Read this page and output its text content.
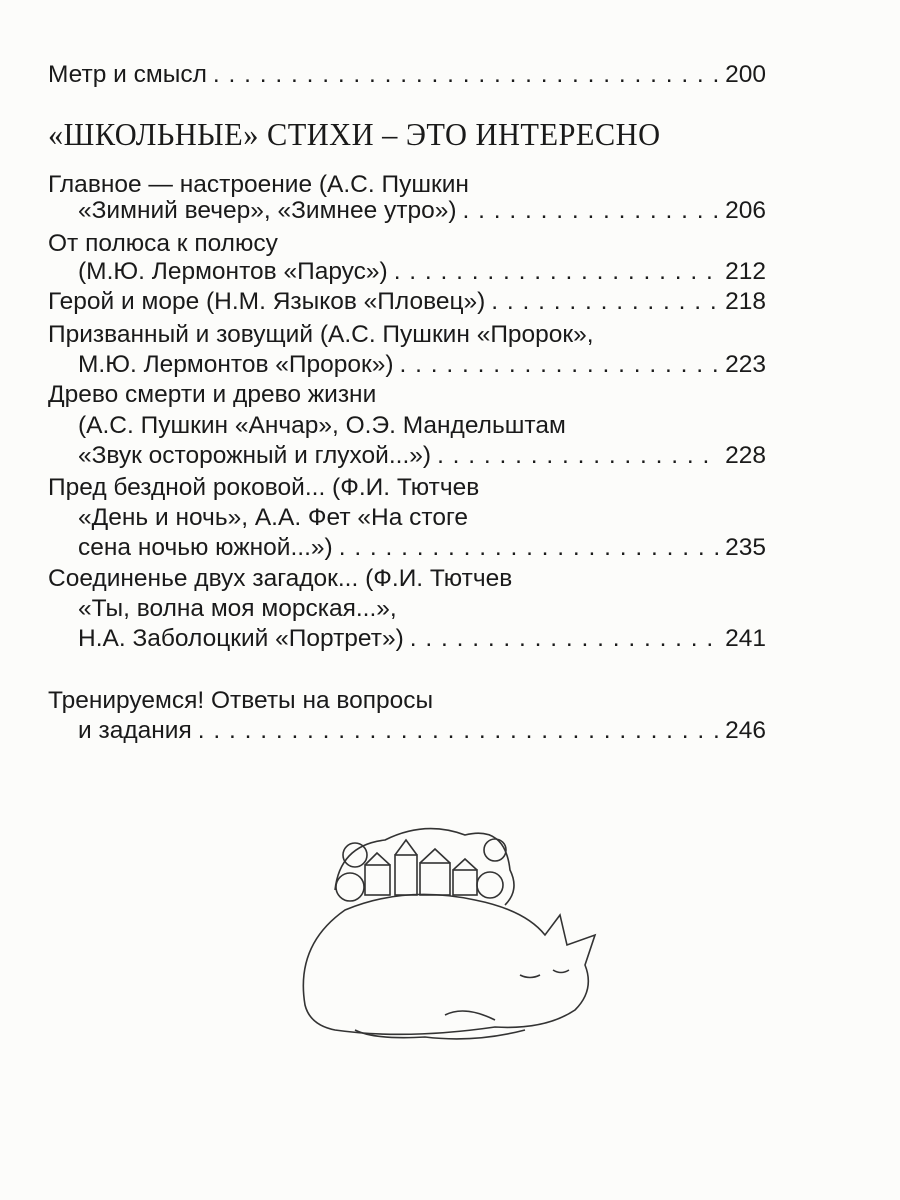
Метр и смысл . . .	200
«ШКОЛЬНЫЕ» СТИХИ – ЭТО ИНТЕРЕСНО
Главное — настроение (А.С. Пушкин
«Зимний вечер», «Зимнее утро») . . .	206
От полюса к полюсу
(М.Ю. Лермонтов «Парус») . . .	212
Герой и море (Н.М. Языков «Пловец») . . .	218
Призванный и зовущий (А.С. Пушкин «Пророк»,
М.Ю. Лермонтов «Пророк») . . .	223
Древо смерти и древо жизни
(А.С. Пушкин «Анчар», О.Э. Мандельштам
«Звук осторожный и глухой...») . . .	228
Пред бездной роковой... (Ф.И. Тютчев
«День и ночь», А.А. Фет «На стоге
сена ночью южной...») . . .	235
Соединенье двух загадок... (Ф.И. Тютчев
«Ты, волна моя морская...»,
Н.А. Заболоцкий «Портрет») . . .	241
Тренируемся! Ответы на вопросы
и задания . . .	246
